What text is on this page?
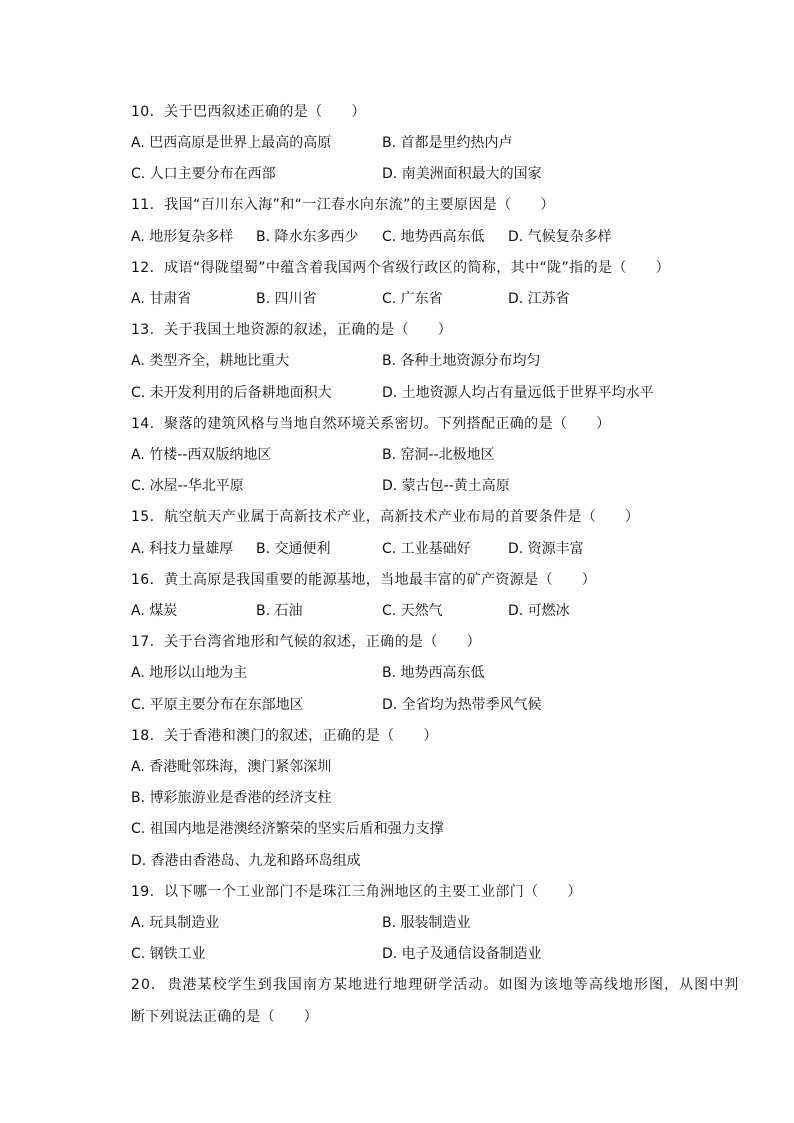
10. 关于巴西叙述正确的是（　　）
A. 巴西高原是世界上最高的高原	B. 首都是里约热内卢
C. 人口主要分布在西部	D. 南美洲面积最大的国家
11. 我国“百川东入海”和“一江春水向东流”的主要原因是（　　）
A. 地形复杂多样 B. 降水东多西少 C. 地势西高东低 D. 气候复杂多样
12. 成语“得陇望蜀”中蕴含着我国两个省级行政区的简称，其中“陇”指的是（　　）
A. 甘肃省	B. 四川省	C. 广东省	D. 江苏省
13. 关于我国土地资源的叙述，正确的是（　　）
A. 类型齐全，耕地比重大	B. 各种土地资源分布均匀
C. 未开发利用的后备耕地面积大	D. 土地资源人均占有量远低于世界平均水平
14. 聚落的建筑风格与当地自然环境关系密切。下列搭配正确的是（　　）
A. 竹楼--西双版纳地区	B. 窑洞--北极地区
C. 冰屋--华北平原	D. 蒙古包--黄土高原
15. 航空航天产业属于高新技术产业，高新技术产业布局的首要条件是（　　）
A. 科技力量雄厚 B. 交通便利	C. 工业基础好	D. 资源丰富
16. 黄土高原是我国重要的能源基地，当地最丰富的矿产资源是（　　）
A. 煤炭	B. 石油	C. 天然气	D. 可燃冰
17. 关于台湾省地形和气候的叙述，正确的是（　　）
A. 地形以山地为主	B. 地势西高东低
C. 平原主要分布在东部地区	D. 全省均为热带季风气候
18. 关于香港和澳门的叙述，正确的是（　　）
A. 香港毗邻珠海，澳门紧邻深圳
B. 博彩旅游业是香港的经济支柱
C. 祖国内地是港澳经济繁荣的坚实后盾和强力支撑
D. 香港由香港岛、九龙和路环岛组成
19. 以下哪一个工业部门不是珠江三角洲地区的主要工业部门（　　）
A. 玩具制造业	B. 服装制造业
C. 钢铁工业	D. 电子及通信设备制造业
20. 贵港某校学生到我国南方某地进行地理研学活动。如图为该地等高线地形图，从图中判
断下列说法正确的是（　　）
